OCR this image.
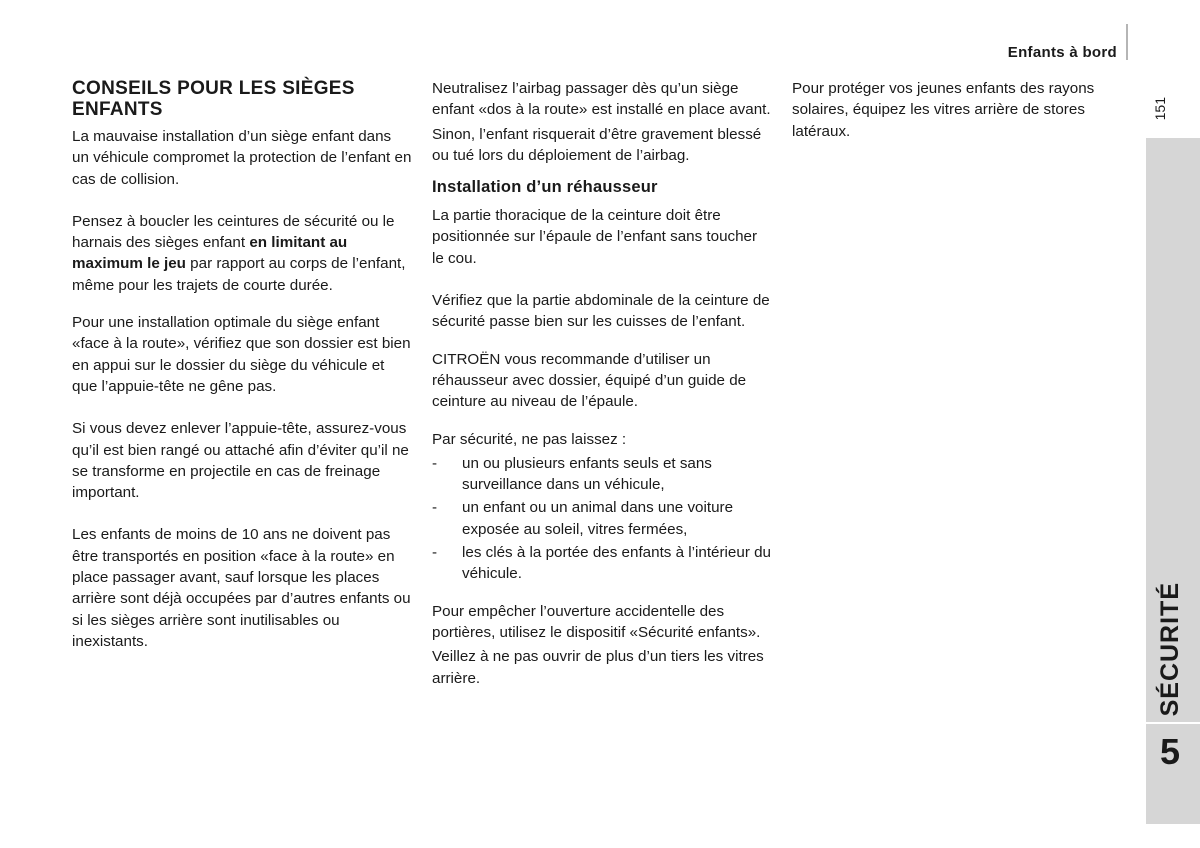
Enfants à bord
151
SÉCURITÉ
5
CONSEILS POUR LES SIÈGES ENFANTS

La mauvaise installation d’un siège enfant dans un véhicule compromet la protection de l’enfant en cas de collision.

Pensez à boucler les ceintures de sécurité ou le harnais des sièges enfant en limitant au maximum le jeu par rapport au corps de l’enfant, même pour les trajets de courte durée.

Pour une installation optimale du siège enfant «face à la route», vérifiez que son dossier est bien en appui sur le dossier du siège du véhicule et que l’appuie-tête ne gêne pas.

Si vous devez enlever l’appuie-tête, assurez-vous qu’il est bien rangé ou attaché afin d’éviter qu’il ne se transforme en projectile en cas de freinage important.

Les enfants de moins de 10 ans ne doivent pas être transportés en position «face à la route» en place passager avant, sauf lorsque les places arrière sont déjà occupées par d’autres enfants ou si les sièges arrière sont inutilisables ou inexistants.

Neutralisez l’airbag passager dès qu’un siège enfant «dos à la route» est installé en place avant.

Sinon, l’enfant risquerait d’être gravement blessé ou tué lors du déploiement de l’airbag.

Installation d’un réhausseur

La partie thoracique de la ceinture doit être positionnée sur l’épaule de l’enfant sans toucher le cou.

Vérifiez que la partie abdominale de la ceinture de sécurité passe bien sur les cuisses de l’enfant.

CITROËN vous recommande d’utiliser un réhausseur avec dossier, équipé d’un guide de ceinture au niveau de l’épaule.

Par sécurité, ne pas laissez :

- un ou plusieurs enfants seuls et sans surveillance dans un véhicule,
- un enfant ou un animal dans une voiture exposée au soleil, vitres fermées,
- les clés à la portée des enfants à l’intérieur du véhicule.

Pour empêcher l’ouverture accidentelle des portières, utilisez le dispositif «Sécurité enfants».

Veillez à ne pas ouvrir de plus d’un tiers les vitres arrière.

Pour protéger vos jeunes enfants des rayons solaires, équipez les vitres arrière de stores latéraux.
